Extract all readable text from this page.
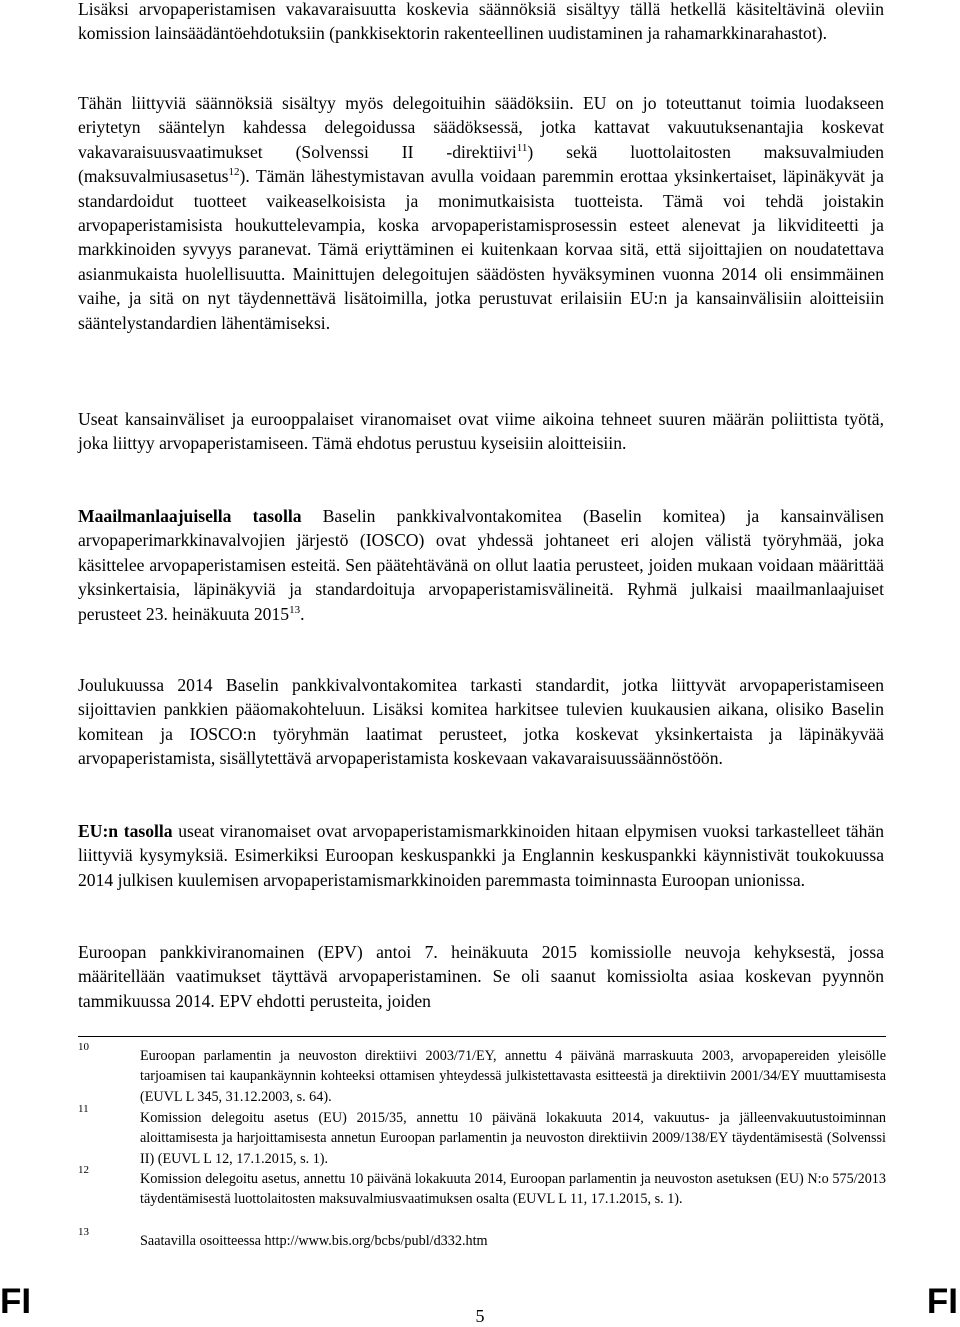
Lisäksi arvopaperistamisen vakavaraisuutta koskevia säännöksiä sisältyy tällä hetkellä käsiteltävinä oleviin komission lainsäädäntöehdotuksiin (pankkisektorin rakenteellinen uudistaminen ja rahamarkkinarahastot).

Tähän liittyviä säännöksiä sisältyy myös delegoituihin säädöksiin. EU on jo toteuttanut toimia luodakseen eriytetyn sääntelyn kahdessa delegoidussa säädöksessä, jotka kattavat vakuutuksenantajia koskevat vakavaraisuusvaatimukset (Solvenssi II -direktiivi$^{11}$) sekä luottolaitosten maksuvalmiuden (maksuvalmiusasetus$^{12}$). Tämän lähestymistavan avulla voidaan paremmin erottaa yksinkertaiset, läpinäkyvät ja standardoidut tuotteet vaikeaselkoisista ja monimutkaisista tuotteista. Tämä voi tehdä joistakin arvopaperistamisista houkuttelevampia, koska arvopaperistamisprosessin esteet alenevat ja likviditeetti ja markkinoiden syvyys paranevat. Tämä eriyttäminen ei kuitenkaan korvaa sitä, että sijoittajien on noudatettava asianmukaista huolellisuutta. Mainittujen delegoitujen säädösten hyväksyminen vuonna 2014 oli ensimmäinen vaihe, ja sitä on nyt täydennettävä lisätoimilla, jotka perustuvat erilaisiin EU:n ja kansainvälisiin aloitteisiin sääntelystandardien lähentämiseksi.

Useat kansainväliset ja eurooppalaiset viranomaiset ovat viime aikoina tehneet suuren määrän poliittista työtä, joka liittyy arvopaperistamiseen. Tämä ehdotus perustuu kyseisiin aloitteisiin.

Maailmanlaajuisella tasolla Baselin pankkivalvontakomitea (Baselin komitea) ja kansainvälisen arvopaperimarkkinavalvojien järjestö (IOSCO) ovat yhdessä johtaneet eri alojen välistä työryhmää, joka käsittelee arvopaperistamisen esteitä. Sen päätehtävänä on ollut laatia perusteet, joiden mukaan voidaan määrittää yksinkertaisia, läpinäkyviä ja standardoituja arvopaperistamisvälineitä. Ryhmä julkaisi maailmanlaajuiset perusteet 23. heinäkuuta 2015$^{13}$.

Joulukuussa 2014 Baselin pankkivalvontakomitea tarkasti standardit, jotka liittyvät arvopaperistamiseen sijoittavien pankkien pääomakohteluun. Lisäksi komitea harkitsee tulevien kuukausien aikana, olisiko Baselin komitean ja IOSCO:n työryhmän laatimat perusteet, jotka koskevat yksinkertaista ja läpinäkyvää arvopaperistamista, sisällytettävä arvopaperistamista koskevaan vakavaraisuussäännöstöön.

EU:n tasolla useat viranomaiset ovat arvopaperistamismarkkinoiden hitaan elpymisen vuoksi tarkastelleet tähän liittyviä kysymyksiä. Esimerkiksi Euroopan keskuspankki ja Englannin keskuspankki käynnistivät toukokuussa 2014 julkisen kuulemisen arvopaperistamismarkkinoiden paremmasta toiminnasta Euroopan unionissa.

Euroopan pankkiviranomainen (EPV) antoi 7. heinäkuuta 2015 komissiolle neuvoja kehyksestä, jossa määritellään vaatimukset täyttävä arvopaperistaminen. Se oli saanut komissiolta asiaa koskevan pyynnön tammikuussa 2014. EPV ehdotti perusteita, joiden

10
Euroopan parlamentin ja neuvoston direktiivi 2003/71/EY, annettu 4 päivänä marraskuuta 2003, arvopapereiden yleisölle tarjoamisen tai kaupankäynnin kohteeksi ottamisen yhteydessä julkistettavasta esitteestä ja direktiivin 2001/34/EY muuttamisesta (EUVL L 345, 31.12.2003, s. 64).
11
Komission delegoitu asetus (EU) 2015/35, annettu 10 päivänä lokakuuta 2014, vakuutus- ja jälleenvakuutustoiminnan aloittamisesta ja harjoittamisesta annetun Euroopan parlamentin ja neuvoston direktiivin 2009/138/EY täydentämisestä (Solvenssi II) (EUVL L 12, 17.1.2015, s. 1).
12
Komission delegoitu asetus, annettu 10 päivänä lokakuuta 2014, Euroopan parlamentin ja neuvoston asetuksen (EU) N:o 575/2013 täydentämisestä luottolaitosten maksuvalmiusvaatimuksen osalta (EUVL L 11, 17.1.2015, s. 1).
13
Saatavilla osoitteessa http://www.bis.org/bcbs/publ/d332.htm
FI	5	FI
